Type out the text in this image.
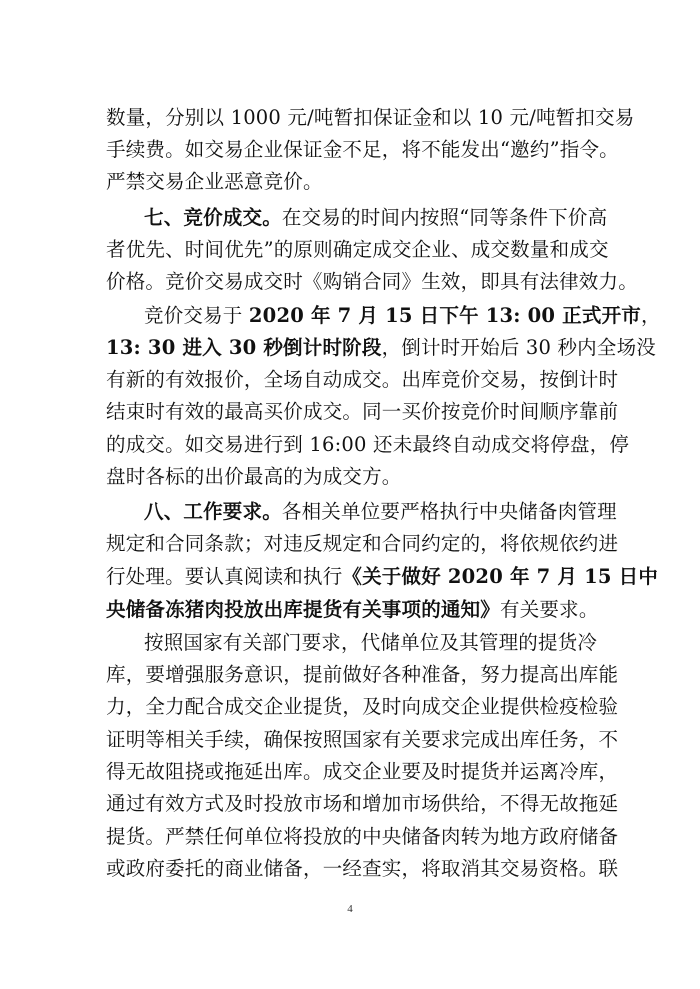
数量，分别以 1000 元/吨暂扣保证金和以 10 元/吨暂扣交易
手续费。如交易企业保证金不足，将不能发出“邀约”指令。
严禁交易企业恶意竞价。
七、竞价成交。在交易的时间内按照“同等条件下价高
者优先、时间优先”的原则确定成交企业、成交数量和成交
价格。竞价交易成交时《购销合同》生效，即具有法律效力。
竞价交易于 2020 年 7 月 15 日下午 13: 00 正式开市，
13: 30 进入 30 秒倒计时阶段，倒计时开始后 30 秒内全场没
有新的有效报价，全场自动成交。出库竞价交易，按倒计时
结束时有效的最高买价成交。同一买价按竞价时间顺序靠前
的成交。如交易进行到 16:00 还未最终自动成交将停盘，停
盘时各标的出价最高的为成交方。
八、工作要求。各相关单位要严格执行中央储备肉管理
规定和合同条款；对违反规定和合同约定的，将依规依约进
行处理。要认真阅读和执行《关于做好 2020 年 7 月 15 日中
央储备冻猪肉投放出库提货有关事项的通知》有关要求。
按照国家有关部门要求，代储单位及其管理的提货冷
库，要增强服务意识，提前做好各种准备，努力提高出库能
力，全力配合成交企业提货，及时向成交企业提供检疫检验
证明等相关手续，确保按照国家有关要求完成出库任务，不
得无故阻挠或拖延出库。成交企业要及时提货并运离冷库，
通过有效方式及时投放市场和增加市场供给，不得无故拖延
提货。严禁任何单位将投放的中央储备肉转为地方政府储备
或政府委托的商业储备，一经查实，将取消其交易资格。联
4
